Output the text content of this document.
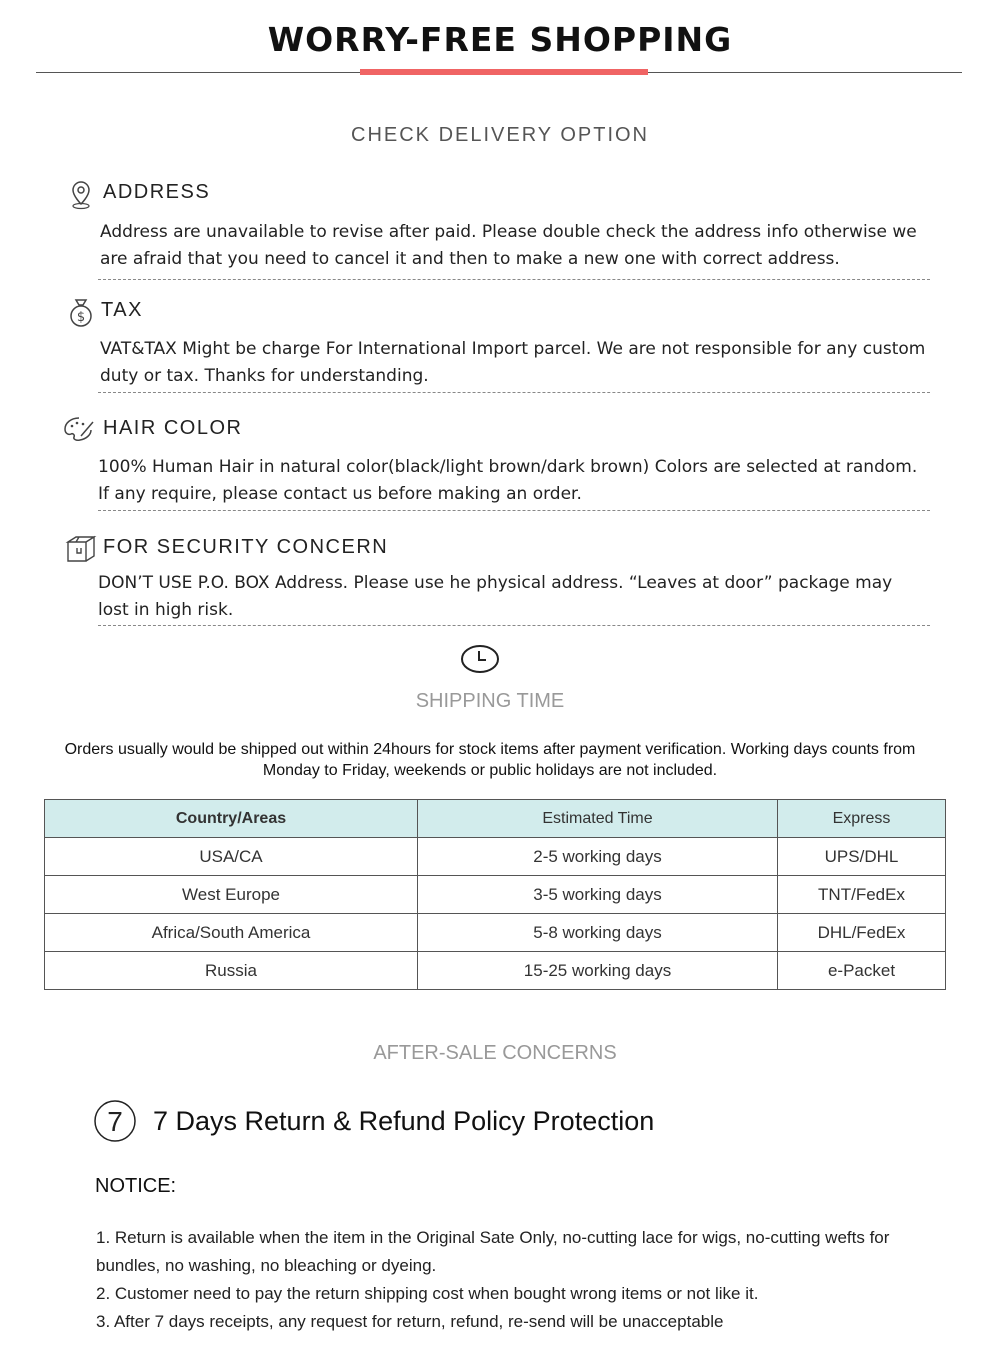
WORRY-FREE SHOPPING
CHECK DELIVERY OPTION
ADDRESS
Address are unavailable to revise after paid. Please double check the address info otherwise we are afraid that you need to cancel it and then to make a new one with correct address.
$ TAX
VAT&TAX Might be charge For International Import parcel. We are not responsible for any custom duty or tax. Thanks for understanding.
HAIR COLOR
100% Human Hair in natural color(black/light brown/dark brown) Colors are selected at random. If any require, please contact us before making an order.
FOR SECURITY CONCERN
DON’T USE P.O. BOX Address. Please use he physical address. “Leaves at door” package may lost in high risk.
SHIPPING TIME
Orders usually would be shipped out within 24hours for stock items after payment verification. Working days counts from Monday to Friday, weekends or public holidays are not included.
Country/Areas	Estimated Time	Express
USA/CA	2-5 working days	UPS/DHL
West Europe	3-5 working days	TNT/FedEx
Africa/South America	5-8 working days	DHL/FedEx
Russia	15-25 working days	e-Packet
AFTER-SALE CONCERNS
7 7 Days Return & Refund Policy Protection
NOTICE:
1. Return is available when the item in the Original Sate Only, no-cutting lace for wigs, no-cutting wefts for bundles, no washing, no bleaching or dyeing.
2. Customer need to pay the return shipping cost when bought wrong items or not like it.
3. After 7 days receipts, any request for return, refund, re-send will be unacceptable
